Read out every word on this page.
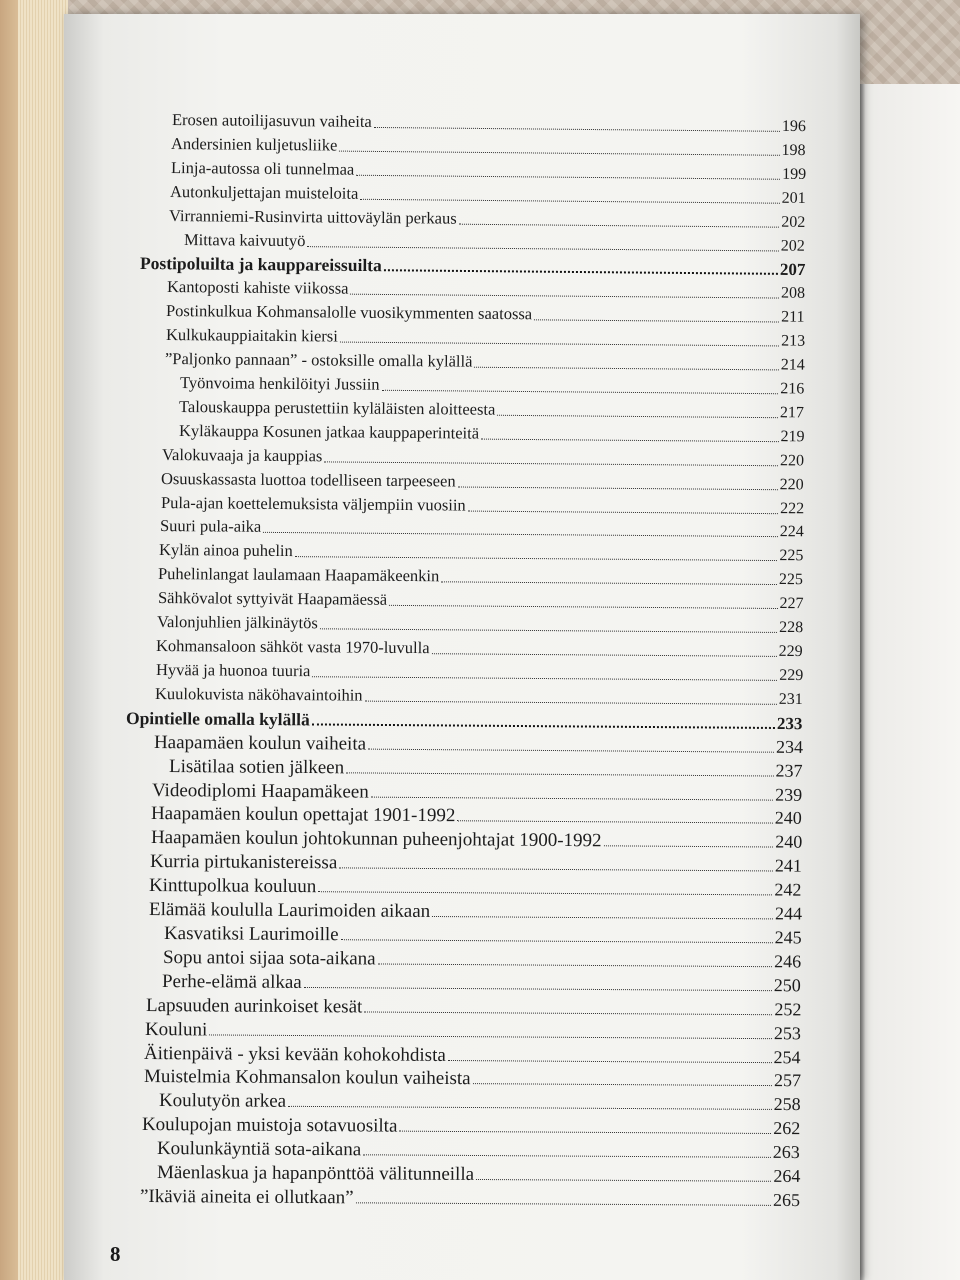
Erosen autoilijasuvun vaiheita	196
Andersinien kuljetusliike	198
Linja-autossa oli tunnelmaa	199
Autonkuljettajan muisteloita	201
Virranniemi-Rusinvirta uittoväylän perkaus	202
Mittava kaivuutyö	202
Postipoluilta ja kauppareissuilta	207
Kantoposti kahiste viikossa	208
Postinkulkua Kohmansalolle vuosikymmenten saatossa	211
Kulkukauppiaitakin kiersi	213
”Paljonko pannaan” - ostoksille omalla kylällä	214
Työnvoima henkilöityi Jussiin	216
Talouskauppa perustettiin kyläläisten aloitteesta	217
Kyläkauppa Kosunen jatkaa kauppaperinteitä	219
Valokuvaaja ja kauppias	220
Osuuskassasta luottoa todelliseen tarpeeseen	220
Pula-ajan koettelemuksista väljempiin vuosiin	222
Suuri pula-aika	224
Kylän ainoa puhelin	225
Puhelinlangat laulamaan Haapamäkeenkin	225
Sähkövalot syttyivät Haapamäessä	227
Valonjuhlien jälkinäytös	228
Kohmansaloon sähköt vasta 1970-luvulla	229
Hyvää ja huonoa tuuria	229
Kuulokuvista näköhavaintoihin	231
Opintielle omalla kylällä	233
Haapamäen koulun vaiheita	234
Lisätilaa sotien jälkeen	237
Videodiplomi Haapamäkeen	239
Haapamäen koulun opettajat 1901-1992	240
Haapamäen koulun johtokunnan puheenjohtajat 1900-1992	240
Kurria pirtukanistereissa	241
Kinttupolkua kouluun	242
Elämää koululla Laurimoiden aikaan	244
Kasvatiksi Laurimoille	245
Sopu antoi sijaa sota-aikana	246
Perhe-elämä alkaa	250
Lapsuuden aurinkoiset kesät	252
Kouluni	253
Äitienpäivä - yksi kevään kohokohdista	254
Muistelmia Kohmansalon koulun vaiheista	257
Koulutyön arkea	258
Koulupojan muistoja sotavuosilta	262
Koulunkäyntiä sota-aikana	263
Mäenlaskua ja hapanpönttöä välitunneilla	264
”Ikäviä aineita ei ollutkaan”	265
8
